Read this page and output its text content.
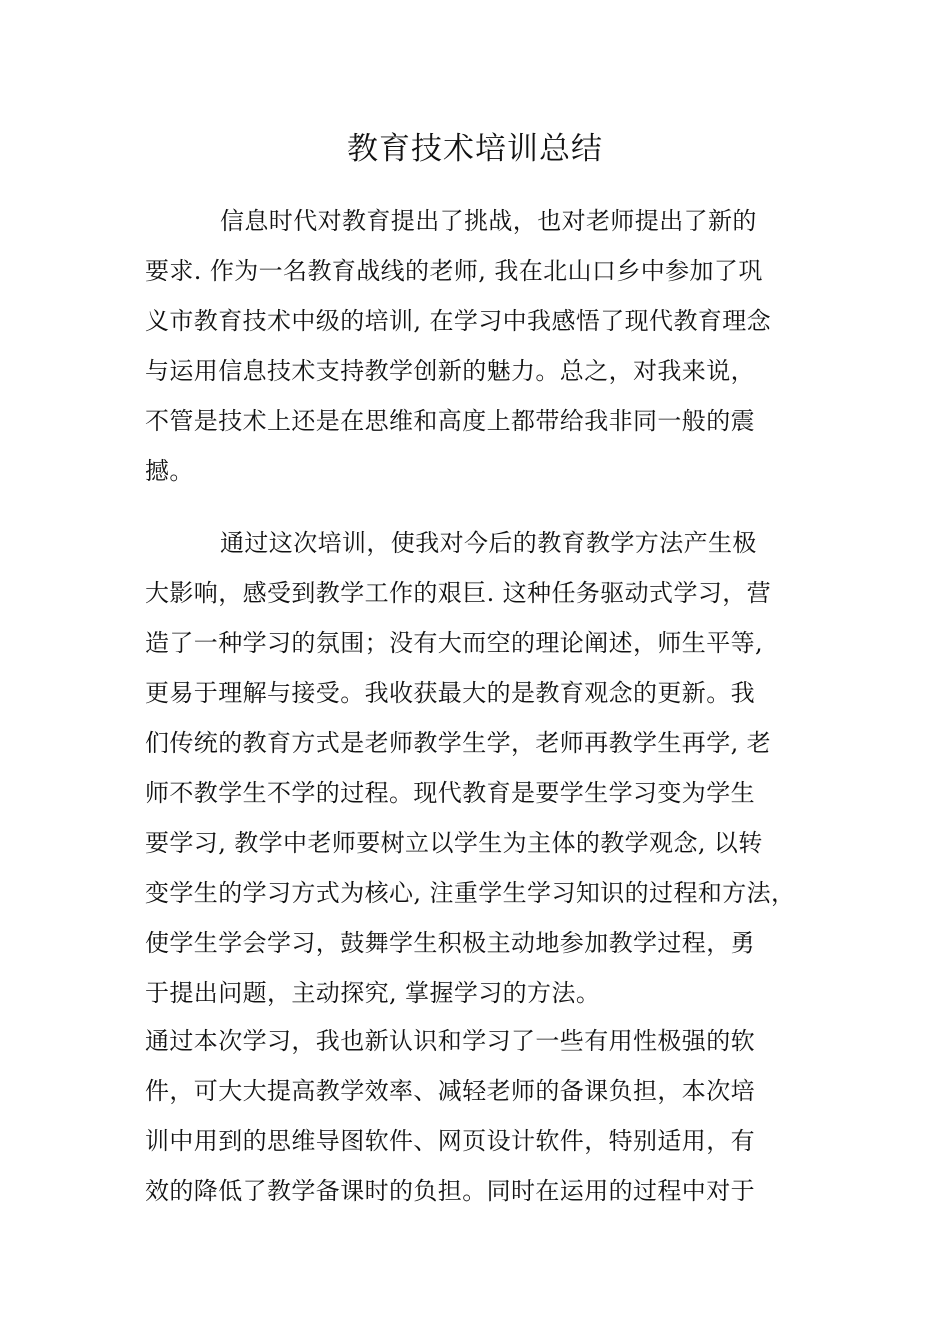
教育技术培训总结
信息时代对教育提出了挑战，也对老师提出了新的
要求. 作为一名教育战线的老师, 我在北山口乡中参加了巩
义市教育技术中级的培训, 在学习中我感悟了现代教育理念
与运用信息技术支持教学创新的魅力。总之，对我来说，
不管是技术上还是在思维和高度上都带给我非同一般的震
撼。
通过这次培训，使我对今后的教育教学方法产生极
大影响，感受到教学工作的艰巨. 这种任务驱动式学习，营
造了一种学习的氛围；没有大而空的理论阐述，师生平等,
更易于理解与接受。我收获最大的是教育观念的更新。我
们传统的教育方式是老师教学生学，老师再教学生再学, 老
师不教学生不学的过程。现代教育是要学生学习变为学生
要学习, 教学中老师要树立以学生为主体的教学观念, 以转
变学生的学习方式为核心, 注重学生学习知识的过程和方法，
使学生学会学习，鼓舞学生积极主动地参加教学过程，勇
于提出问题，主动探究, 掌握学习的方法。
通过本次学习，我也新认识和学习了一些有用性极强的软
件，可大大提高教学效率、减轻老师的备课负担，本次培
训中用到的思维导图软件、网页设计软件，特别适用，有
效的降低了教学备课时的负担。同时在运用的过程中对于
